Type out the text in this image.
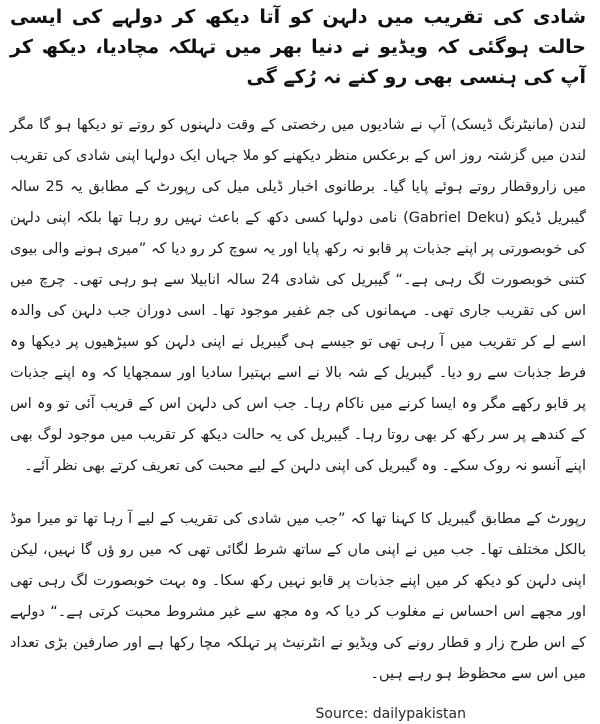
شادی کی تقریب میں دلہن کو آتا دیکھ کر دولہے کی ایسی حالت ہوگئی کہ ویڈیو نے دنیا بھر میں تہلکہ مچادیا، دیکھ کر آپ کی ہنسی بھی رو کنے نہ رُکے گی

لندن (مانیٹرنگ ڈیسک) آپ نے شادیوں میں رخصتی کے وقت دلہنوں کو روتے تو دیکھا ہو گا مگر لندن میں گزشتہ روز اس کے برعکس منظر دیکھنے کو ملا جہاں ایک دولہا اپنی شادی کی تقریب میں زاروقطار روتے ہوئے پایا گیا۔ برطانوی اخبار ڈیلی میل کی رپورٹ کے مطابق یہ 25 سالہ گیبریل ڈیکو (Gabriel Deku) نامی دولہا کسی دکھ کے باعث نہیں رو رہا تھا بلکہ اپنی دلہن کی خوبصورتی پر اپنے جذبات پر قابو نہ رکھ پایا اور یہ سوچ کر رو دیا کہ ”میری ہونے والی بیوی کتنی خوبصورت لگ رہی ہے۔“ گیبریل کی شادی 24 سالہ انابیلا سے ہو رہی تھی۔ چرچ میں اس کی تقریب جاری تھی۔ مہمانوں کی جم غفیر موجود تھا۔ اسی دوران جب دلہن کی والدہ اسے لے کر تقریب میں آ رہی تھی تو جیسے ہی گیبریل نے اپنی دلہن کو سیڑھیوں پر دیکھا وہ فرط جذبات سے رو دیا۔ گیبریل کے شہ بالا نے اسے بہتیرا سادیا اور سمجھایا کہ وہ اپنے جذبات پر قابو رکھے مگر وہ ایسا کرنے میں ناکام رہا۔ جب اس کی دلہن اس کے قریب آئی تو وہ اس کے کندھے پر سر رکھ کر بھی روتا رہا۔ گیبریل کی یہ حالت دیکھ کر تقریب میں موجود لوگ بھی اپنے آنسو نہ روک سکے۔ وہ گیبریل کی اپنی دلہن کے لیے محبت کی تعریف کرتے بھی نظر آئے۔

رپورٹ کے مطابق گیبریل کا کہنا تھا کہ ”جب میں شادی کی تقریب کے لیے آ رہا تھا تو میرا موڈ بالکل مختلف تھا۔ جب میں نے اپنی ماں کے ساتھ شرط لگائی تھی کہ میں رو ؤں گا نہیں، لیکن اپنی دلہن کو دیکھ کر میں اپنے جذبات پر قابو نہیں رکھ سکا۔ وہ بہت خوبصورت لگ رہی تھی اور مجھے اس احساس نے مغلوب کر دیا کہ وہ مجھ سے غیر مشروط محبت کرتی ہے۔“ دولہے کے اس طرح زار و قطار رونے کی ویڈیو نے انٹرنیٹ پر تہلکہ مچا رکھا ہے اور صارفین بڑی تعداد میں اس سے محظوظ ہو رہے ہیں۔

Source: dailypakistan
